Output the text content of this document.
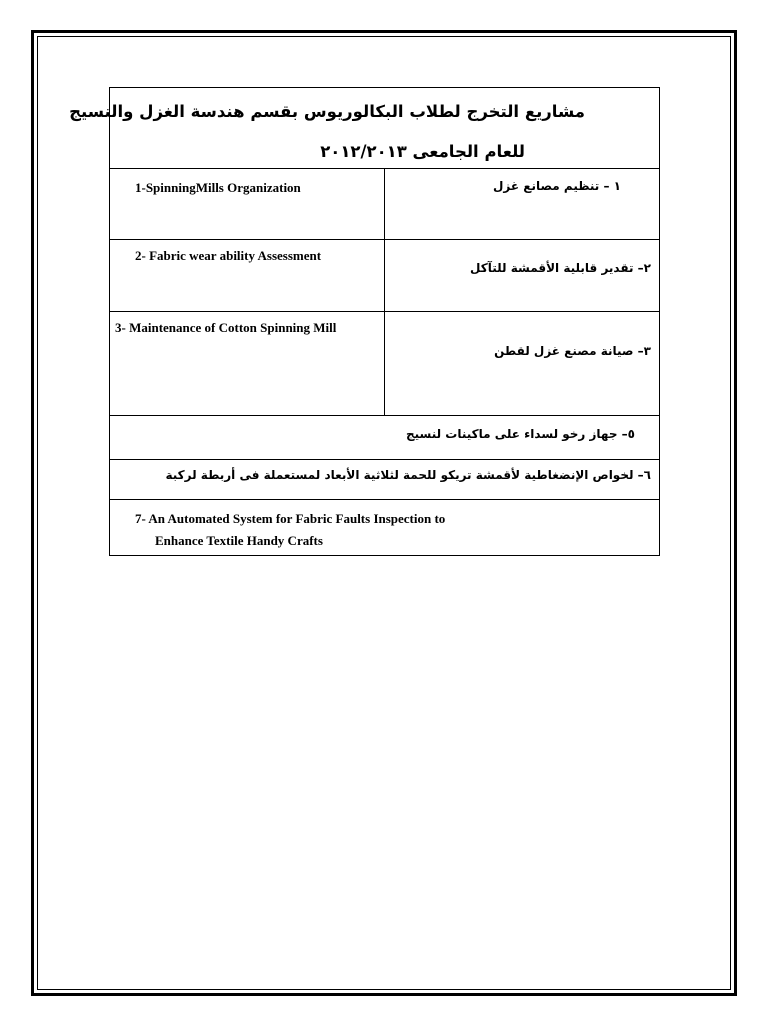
مشاريع التخرج لطلاب البكالوريوس بقسم هندسة الغزل والنسيج
للعام الجامعى ٢٠١٢/٢٠١٣	

1-SpinningMills Organization	١ – تنظيم مصانع غزل
2- Fabric wear ability Assessment	٢– تقدير قابلية الأقمشة للتآكل
3- Maintenance of Cotton Spinning Mill	٣– صيانة مصنع غزل لقطن
٥– جهاز رخو لسداء على ماكينات لنسيج	
٦– لخواص الإنضغاطية لأقمشة تريكو للحمة لثلاثية الأبعاد لمستعملة فى أربطة لركبة	

7- An Automated System for Fabric Faults Inspection to
Enhance Textile Handy Crafts	
